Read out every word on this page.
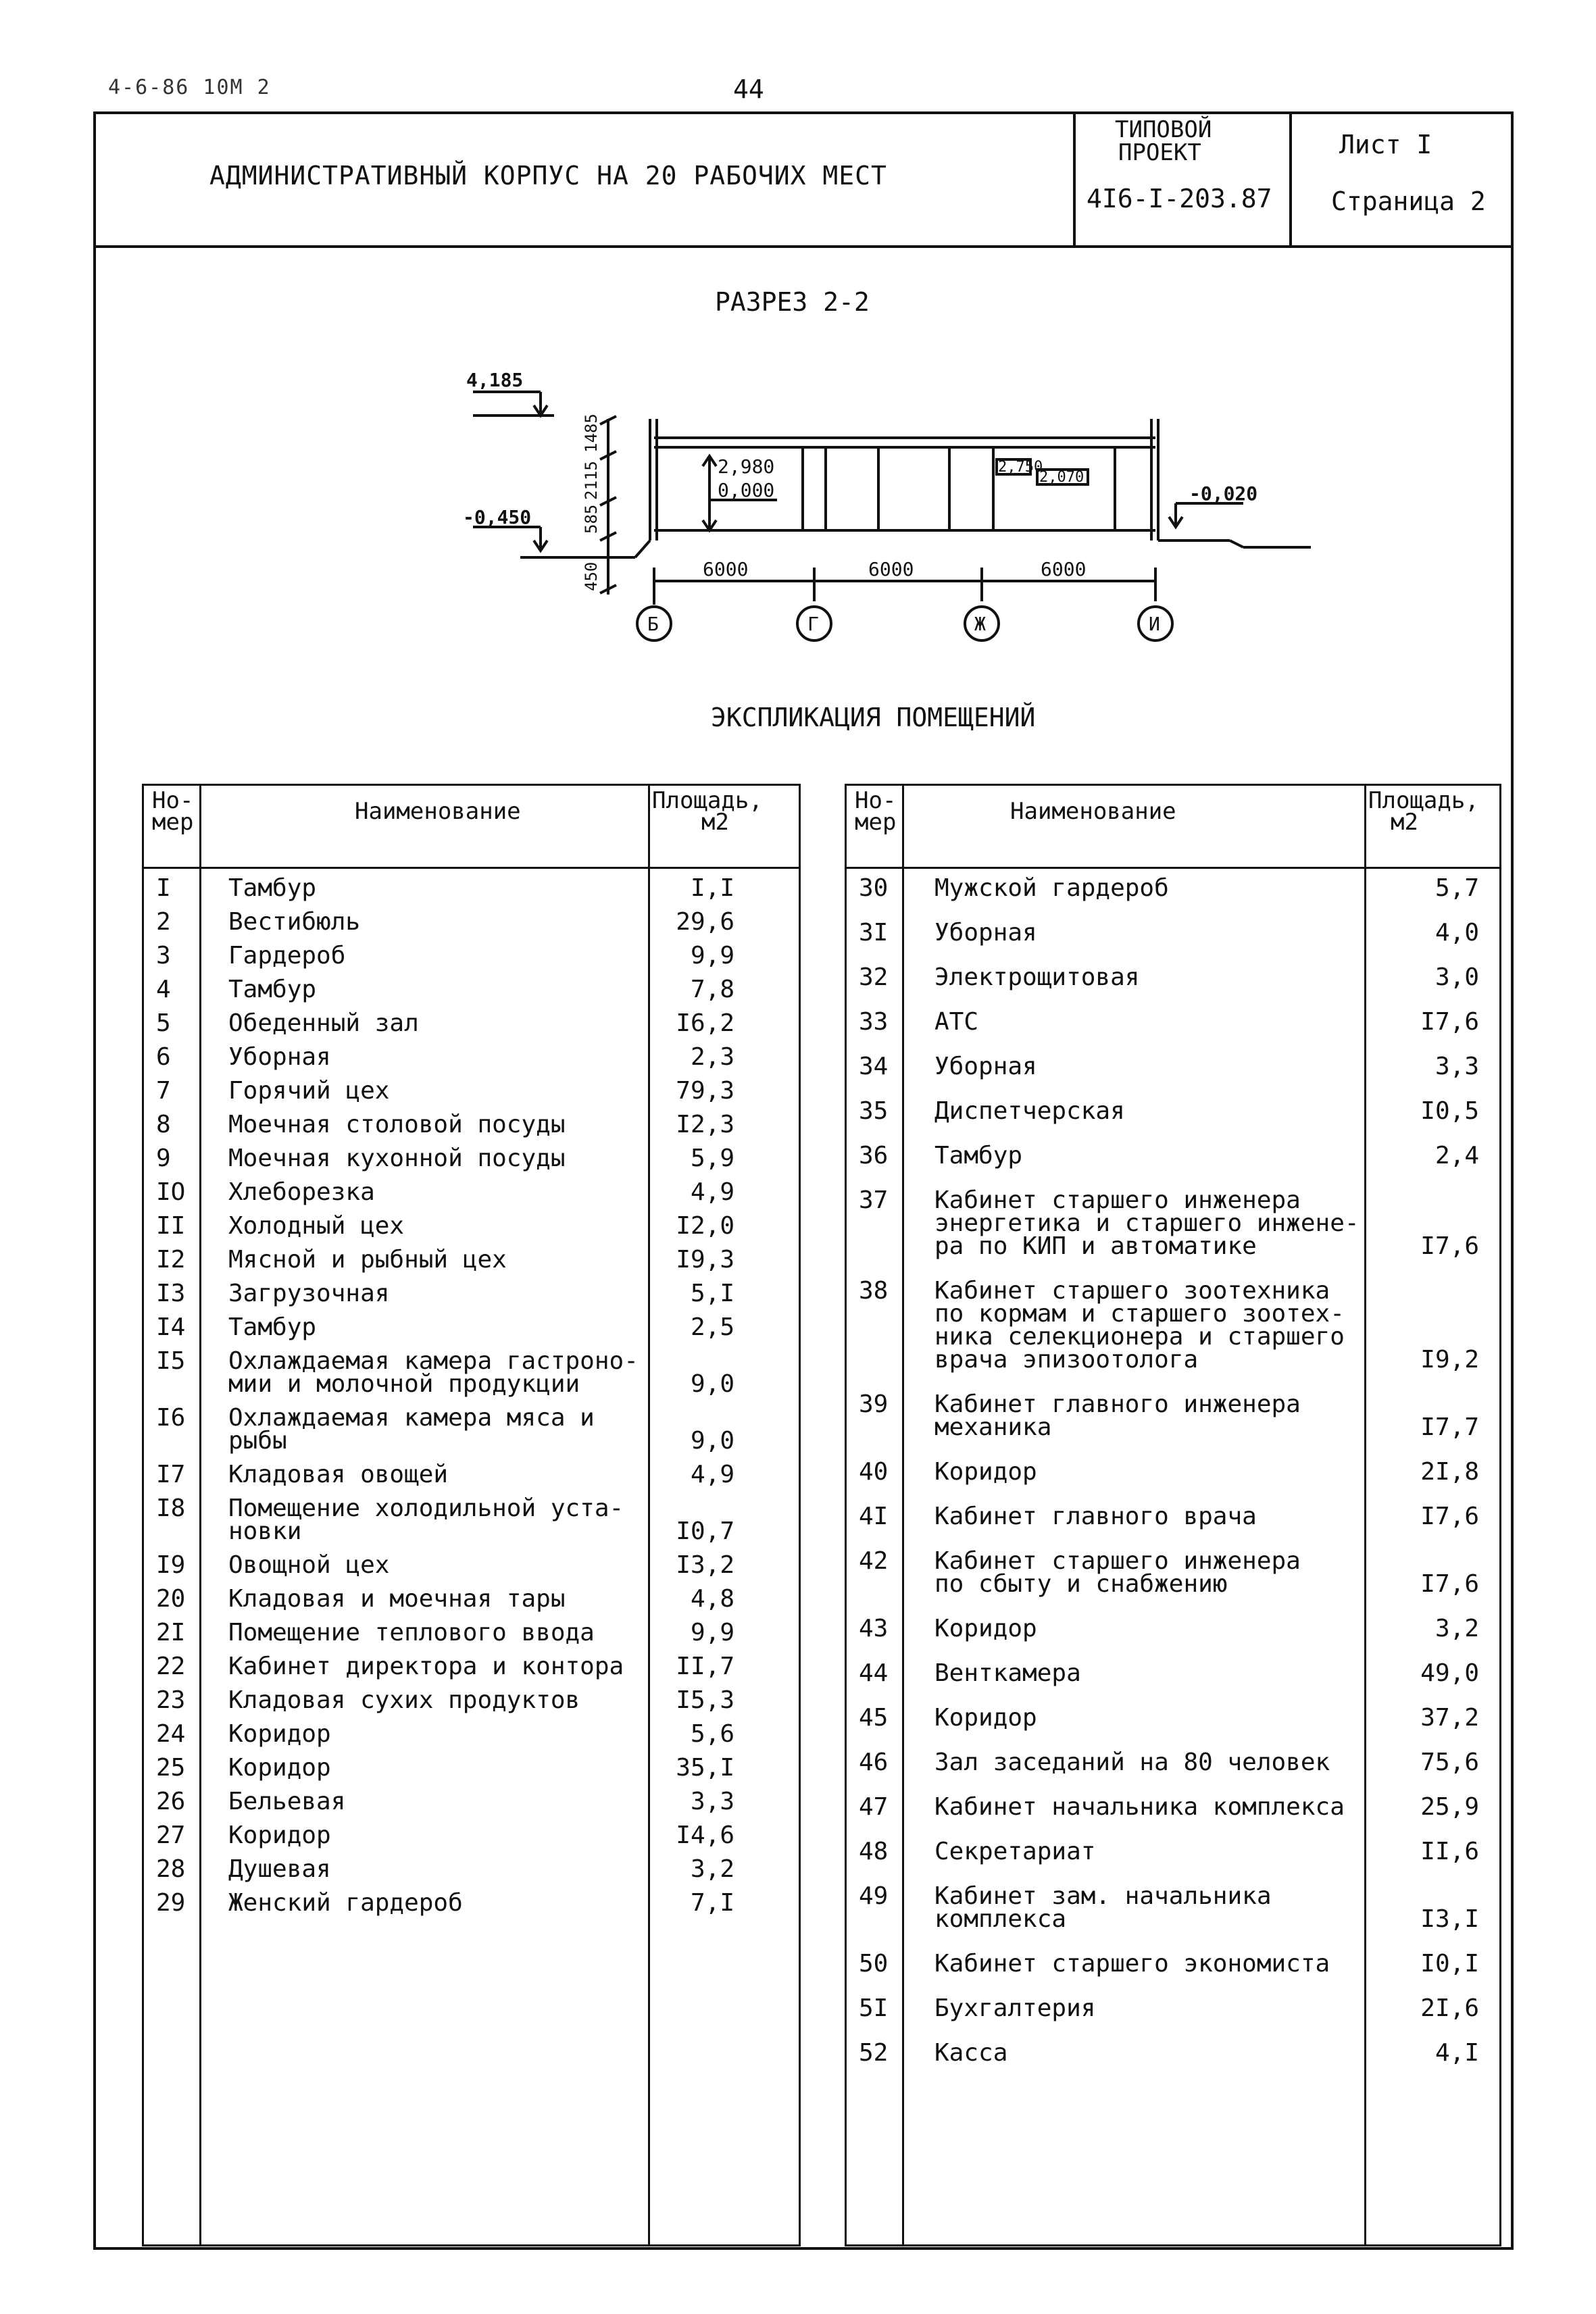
4-6-86 10М 2	44
АДМИНИСТРАТИВНЫЙ КОРПУС НА 20 РАБОЧИХ МЕСТ
ТИПОВОЙ
ПРОЕКТ
4I6-I-203.87
Лист I
Страница 2
РАЗРЕЗ 2-2
4,185
-0,450
-0,020
2,980
0,000
2,750
2,070
1485
2115
585
450	6000	6000	6000
Б	Г	Ж	И
ЭКСПЛИКАЦИЯ ПОМЕЩЕНИЙ
Но-
мер	Наименование	Площадь,
м2
I Тамбур	I,I
2 Вестибюль	29,6
3 Гардероб	9,9
4 Тамбур	7,8
5 Обеденный зал	I6,2
6 Уборная	2,3
7 Горячий цех	79,3
8 Моечная столовой посуды	I2,3
9 Моечная кухонной посуды	5,9
IO Хлеборезка	4,9
II Холодный цех	I2,0
I2 Мясной и рыбный цех	I9,3
I3 Загрузочная	5,I
I4 Тамбур	2,5
I5 Охлаждаемая камера гастроно-
мии и молочной продукции	9,0
I6 Охлаждаемая камера мяса и
рыбы	9,0
I7 Кладовая овощей	4,9
I8 Помещение холодильной уста-
новки	I0,7
I9 Овощной цех	I3,2
20 Кладовая и моечная тары	4,8
2I Помещение теплового ввода	9,9
22 Кабинет директора и контора II,7
23 Кладовая сухих продуктов	I5,3
24 Коридор	5,6
25 Коридор	35,I
26 Бельевая	3,3
27 Коридор	I4,6
28 Душевая	3,2
29 Женский гардероб	7,I
Но-
мер	Наименование	Площадь,
м2
30 Мужской гардероб	5,7
3I Уборная	4,0
32 Электрощитовая	3,0
33 АТС	I7,6
34 Уборная	3,3
35 Диспетчерская	I0,5
36 Тамбур	2,4
37 Кабинет старшего инженера
энергетика и старшего инжене-
ра по КИП и автоматике	I7,6
38 Кабинет старшего зоотехника
по кормам и старшего зоотех-
ника селекционера и старшего
врача эпизоотолога	I9,2
39 Кабинет главного инженера
механика	I7,7
40 Коридор	2I,8
4I Кабинет главного врача	I7,6
42 Кабинет старшего инженера
по сбыту и снабжению	I7,6
43 Коридор	3,2
44 Венткамера	49,0
45 Коридор	37,2
46 Зал заседаний на 80 человек	75,6
47 Кабинет начальника комплекса	25,9
48 Секретариат	II,6
49 Кабинет зам. начальника
комплекса	I3,I
50 Кабинет старшего экономиста	I0,I
5I Бухгалтерия	2I,6
52 Касса	4,I
